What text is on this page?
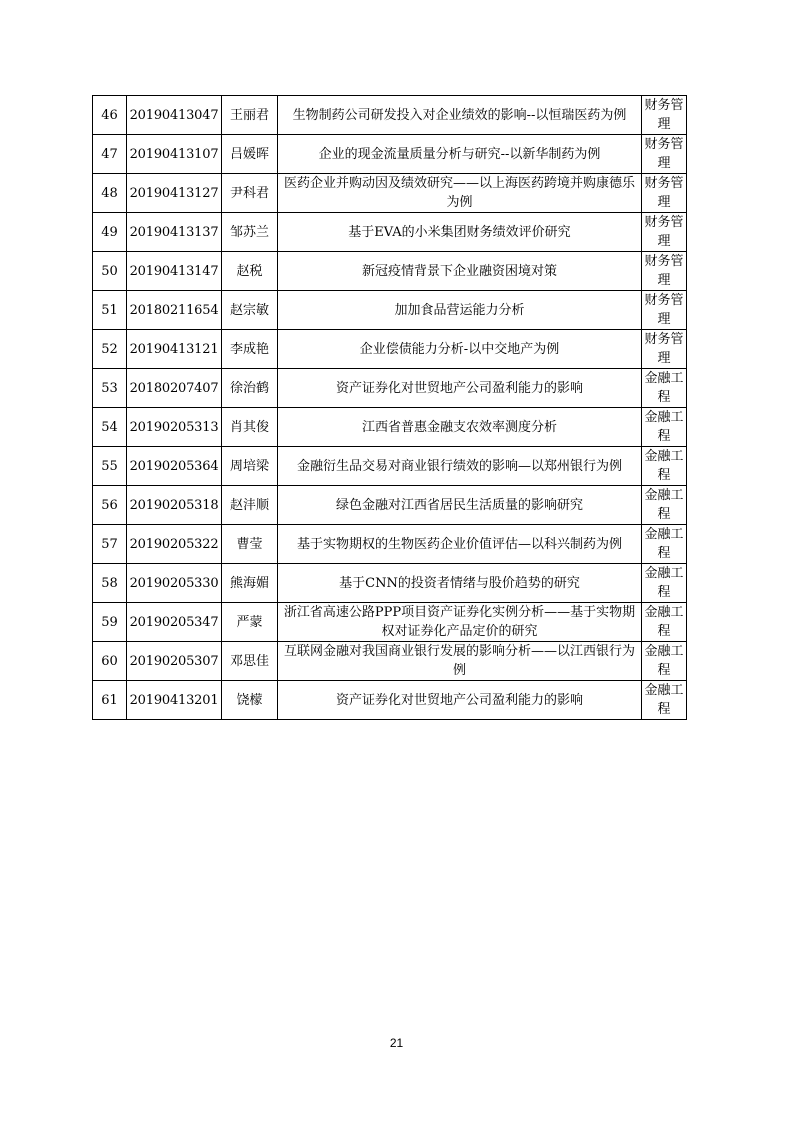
46	20190413047	王丽君	生物制药公司研发投入对企业绩效的影响--以恒瑞医药为例	财务管理
47	20190413107	吕媛晖	企业的现金流量质量分析与研究--以新华制药为例	财务管理
48	20190413127	尹科君	医药企业并购动因及绩效研究——以上海医药跨境并购康德乐为例	财务管理
49	20190413137	邹苏兰	基于EVA的小米集团财务绩效评价研究	财务管理
50	20190413147	赵税	新冠疫情背景下企业融资困境对策	财务管理
51	20180211654	赵宗敏	加加食品营运能力分析	财务管理
52	20190413121	李成艳	企业偿债能力分析-以中交地产为例	财务管理
53	20180207407	徐治鹤	资产证券化对世贸地产公司盈利能力的影响	金融工程
54	20190205313	肖其俊	江西省普惠金融支农效率测度分析	金融工程
55	20190205364	周培梁	金融衍生品交易对商业银行绩效的影响—以郑州银行为例	金融工程
56	20190205318	赵沣顺	绿色金融对江西省居民生活质量的影响研究	金融工程
57	20190205322	曹莹	基于实物期权的生物医药企业价值评估—以科兴制药为例	金融工程
58	20190205330	熊海媚	基于CNN的投资者情绪与股价趋势的研究	金融工程
59	20190205347	严蒙	浙江省高速公路PPP项目资产证券化实例分析——基于实物期权对证券化产品定价的研究	金融工程
60	20190205307	邓思佳	互联网金融对我国商业银行发展的影响分析——以江西银行为例	金融工程
61	20190413201	饶檬	资产证券化对世贸地产公司盈利能力的影响	金融工程
21
